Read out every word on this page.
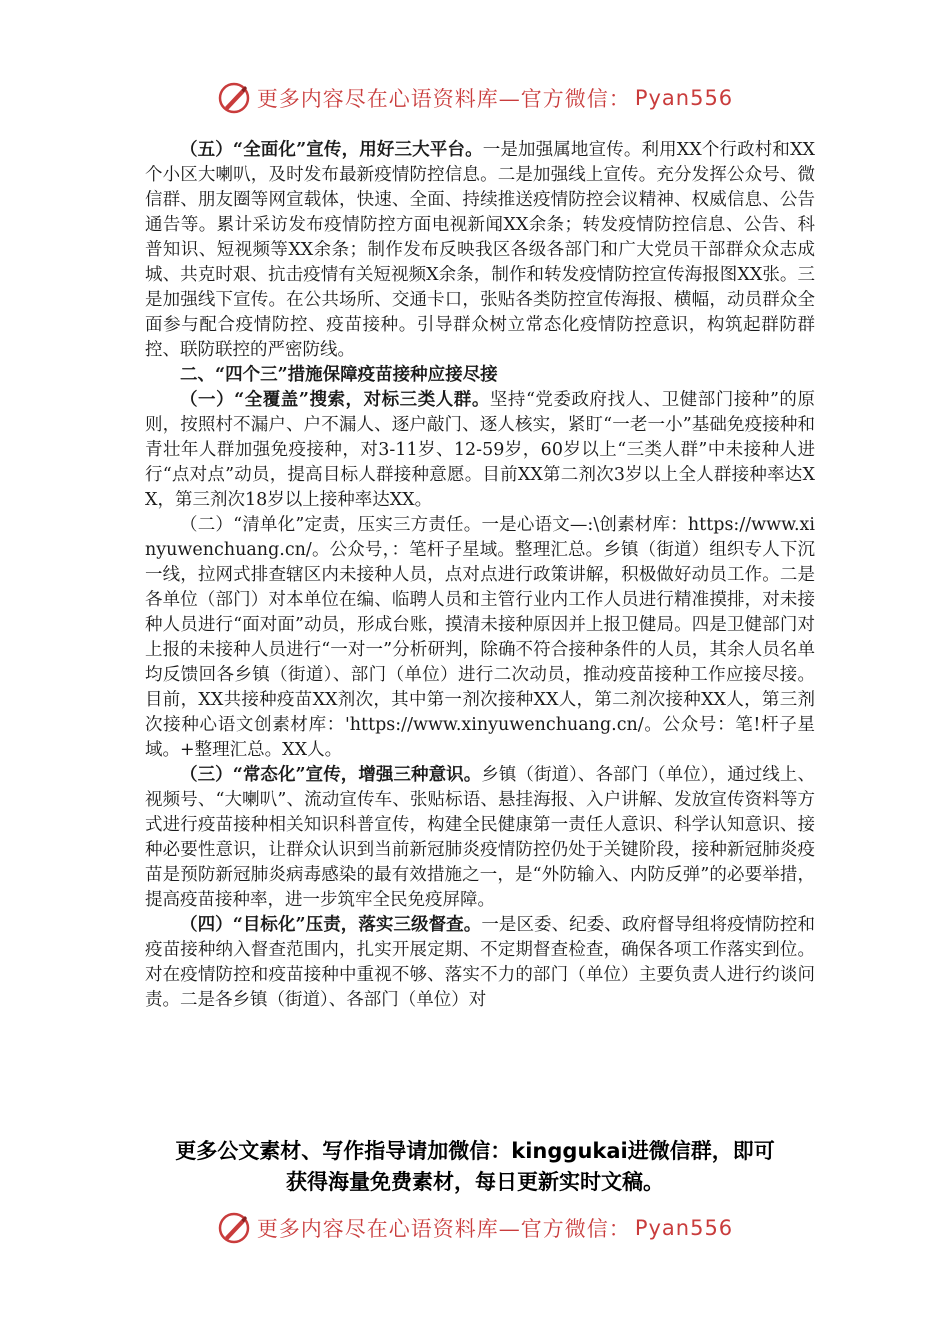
更多内容尽在心语资料库—官方微信： Pyan556

（五）“全面化”宣传，用好三大平台。一是加强属地宣传。利用XX个行政村和XX个小区大喇叭，及时发布最新疫情防控信息。二是加强线上宣传。充分发挥公众号、微信群、朋友圈等网宣载体，快速、全面、持续推送疫情防控会议精神、权威信息、公告通告等。累计采访发布疫情防控方面电视新闻XX余条；转发疫情防控信息、公告、科普知识、短视频等XX余条；制作发布反映我区各级各部门和广大党员干部群众众志成城、共克时艰、抗击疫情有关短视频X余条，制作和转发疫情防控宣传海报图XX张。三是加强线下宣传。在公共场所、交通卡口，张贴各类防控宣传海报、横幅，动员群众全面参与配合疫情防控、疫苗接种。引导群众树立常态化疫情防控意识，构筑起群防群控、联防联控的严密防线。

二、“四个三”措施保障疫苗接种应接尽接

（一）“全覆盖”搜索，对标三类人群。坚持“党委政府找人、卫健部门接种”的原则，按照村不漏户、户不漏人、逐户敲门、逐人核实，紧盯“一老一小”基础免疫接种和青壮年人群加强免疫接种，对3-11岁、12-59岁，60岁以上“三类人群”中未接种人进行“点对点”动员，提高目标人群接种意愿。目前XX第二剂次3岁以上全人群接种率达XX，第三剂次18岁以上接种率达XX。

（二）“清单化”定责，压实三方责任。一是心语文—:\创素材库：https://www.xinyuwenchuang.cn/。公众号，：笔杆子星域。整理汇总。乡镇（街道）组织专人下沉一线，拉网式排查辖区内未接种人员，点对点进行政策讲解，积极做好动员工作。二是各单位（部门）对本单位在编、临聘人员和主管行业内工作人员进行精准摸排，对未接种人员进行“面对面”动员，形成台账，摸清未接种原因并上报卫健局。四是卫健部门对上报的未接种人员进行“一对一”分析研判，除确不符合接种条件的人员，其余人员名单均反馈回各乡镇（街道）、部门（单位）进行二次动员，推动疫苗接种工作应接尽接。目前，XX共接种疫苗XX剂次，其中第一剂次接种XX人，第二剂次接种XX人，第三剂次接种心语文创素材库：'https://www.xinyuwenchuang.cn/。公众号：笔!杆子星域。+整理汇总。XX人。

（三）“常态化”宣传，增强三种意识。乡镇（街道）、各部门（单位），通过线上、视频号、“大喇叭”、流动宣传车、张贴标语、悬挂海报、入户讲解、发放宣传资料等方式进行疫苗接种相关知识科普宣传，构建全民健康第一责任人意识、科学认知意识、接种必要性意识，让群众认识到当前新冠肺炎疫情防控仍处于关键阶段，接种新冠肺炎疫苗是预防新冠肺炎病毒感染的最有效措施之一，是“外防输入、内防反弹”的必要举措，提高疫苗接种率，进一步筑牢全民免疫屏障。

（四）“目标化”压责，落实三级督查。一是区委、纪委、政府督导组将疫情防控和疫苗接种纳入督查范围内，扎实开展定期、不定期督查检查，确保各项工作落实到位。对在疫情防控和疫苗接种中重视不够、落实不力的部门（单位）主要负责人进行约谈问责。二是各乡镇（街道）、各部门（单位）对

更多公文素材、写作指导请加微信：kinggukai进微信群，即可
获得海量免费素材，每日更新实时文稿。
更多内容尽在心语资料库—官方微信： Pyan556
